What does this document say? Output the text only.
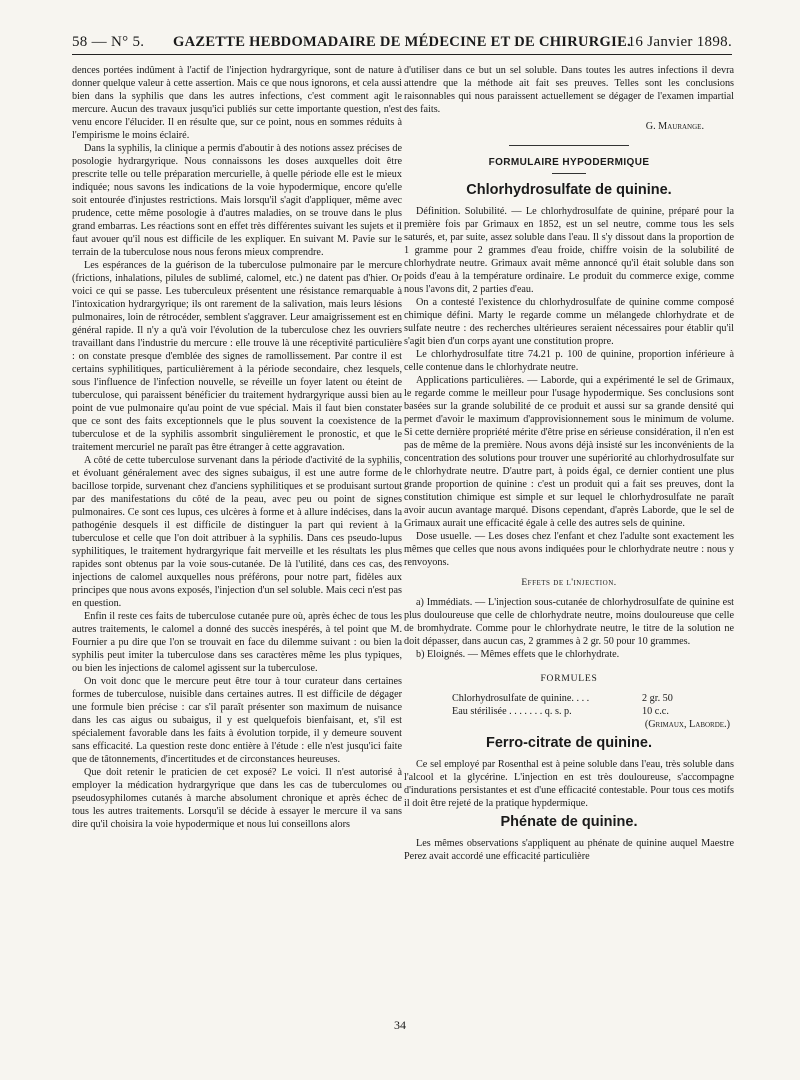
58 — N° 5.	GAZETTE HEBDOMADAIRE DE MÉDECINE ET DE CHIRURGIE.
16 Janvier 1898.

dences portées indûment à l'actif de l'injection hydrargyrique, sont de nature à donner quelque valeur à cette assertion. Mais ce que nous ignorons, et cela aussi bien dans la syphilis que dans les autres infections, c'est comment agit le mercure. Aucun des travaux jusqu'ici publiés sur cette importante question, n'est venu encore l'élucider. Il en résulte que, sur ce point, nous en sommes réduits à l'empirisme le moins éclairé.

Dans la syphilis, la clinique a permis d'aboutir à des notions assez précises de posologie hydrargyrique. Nous connaissons les doses auxquelles doit être prescrite telle ou telle préparation mercurielle, à quelle période elle est le mieux indiquée; nous savons les indications de la voie hypodermique, encore qu'elle soit entourée d'injustes restrictions. Mais lorsqu'il s'agit d'appliquer, même avec prudence, cette même posologie à d'autres maladies, on se trouve dans le plus grand embarras. Les réactions sont en effet très différentes suivant les sujets et il faut avouer qu'il nous est difficile de les expliquer. En suivant M. Pavie sur le terrain de la tuberculose nous nous ferons mieux comprendre.

Les espérances de la guérison de la tuberculose pulmonaire par le mercure (frictions, inhalations, pilules de sublimé, calomel, etc.) ne datent pas d'hier. Or voici ce qui se passe. Les tuberculeux présentent une résistance remarquable à l'intoxication hydrargyrique; ils ont rarement de la salivation, mais leurs lésions pulmonaires, loin de rétrocéder, semblent s'aggraver. Leur amaigrissement est en général rapide. Il n'y a qu'à voir l'évolution de la tuberculose chez les ouvriers travaillant dans l'industrie du mercure : elle trouve là une réceptivité particulière : on constate presque d'emblée des signes de ramollissement. Par contre il est certains syphilitiques, particulièrement à la période secondaire, chez lesquels, sous l'influence de l'infection nouvelle, se réveille un foyer latent ou éteint de tuberculose, qui paraissent bénéficier du traitement hydrargyrique aussi bien au point de vue pulmonaire qu'au point de vue spécial. Mais il faut bien constater que ce sont des faits exceptionnels que le plus souvent la coexistence de la tuberculose et de la syphilis assombrit singulièrement le pronostic, et que le traitement mercuriel ne paraît pas être étranger à cette aggravation.

A côté de cette tuberculose survenant dans la période d'activité de la syphilis, et évoluant généralement avec des signes subaigus, il est une autre forme de bacillose torpide, survenant chez d'anciens syphilitiques et se produisant surtout par des manifestations du côté de la peau, avec peu ou point de signes pulmonaires. Ce sont ces lupus, ces ulcères à forme et à allure indécises, dans la pathogénie desquels il est difficile de distinguer la part qui revient à la tuberculose et celle que l'on doit attribuer à la syphilis. Dans ces pseudo-lupus syphilitiques, le traitement hydrargyrique fait merveille et les résultats les plus rapides sont obtenus par la voie sous-cutanée. De là l'utilité, dans ces cas, des injections de calomel auxquelles nous préférons, pour notre part, fidèles aux principes que nous avons exposés, l'injection d'un sel soluble. Mais ceci n'est pas en question.

Enfin il reste ces faits de tuberculose cutanée pure où, après échec de tous les autres traitements, le calomel a donné des succès inespérés, à tel point que M. Fournier a pu dire que l'on se trouvait en face du dilemme suivant : ou bien la syphilis peut imiter la tuberculose dans ses caractères même les plus typiques, ou bien les injections de calomel agissent sur la tuberculose.

On voit donc que le mercure peut être tour à tour curateur dans certaines formes de tuberculose, nuisible dans certaines autres. Il est difficile de dégager une formule bien précise : car s'il paraît présenter son maximum de nuisance dans les cas aigus ou subaigus, il y est quelquefois bienfaisant, et, s'il est spécialement favorable dans les faits à évolution torpide, il y demeure souvent sans efficacité. La question reste donc entière à l'étude : elle n'est jusqu'ici faite que de tâtonnements, d'incertitudes et de circonstances heureuses.

Que doit retenir le praticien de cet exposé? Le voici. Il n'est autorisé à employer la médication hydrargyrique que dans les cas de tuberculomes ou pseudosyphilomes cutanés à marche absolument chronique et après échec de tous les autres traitements. Lorsqu'il se décide à essayer le mercure il va sans dire qu'il choisira la voie hypodermique et nous lui conseillons alors

d'utiliser dans ce but un sel soluble. Dans toutes les autres infections il devra attendre que la méthode ait fait ses preuves. Telles sont les conclusions raisonnables qui nous paraissent actuellement se dégager de l'examen impartial des faits.

G. Maurange.
FORMULAIRE HYPODERMIQUE
Chlorhydrosulfate de quinine.

Définition. Solubilité. — Le chlorhydrosulfate de quinine, préparé pour la première fois par Grimaux en 1852, est un sel neutre, comme tous les sels saturés, et, par suite, assez soluble dans l'eau. Il s'y dissout dans la proportion de 1 gramme pour 2 grammes d'eau froide, chiffre voisin de la solubilité de chlorhydrate neutre. Grimaux avait même annoncé qu'il était soluble dans son poids d'eau à la température ordinaire. Le produit du commerce exige, comme nous l'avons dit, 2 parties d'eau.

On a contesté l'existence du chlorhydrosulfate de quinine comme composé chimique défini. Marty le regarde comme un mélangede chlorhydrate et de sulfate neutre : des recherches ultérieures seraient nécessaires pour établir qu'il s'agit bien d'un corps ayant une constitution propre.

Le chlorhydrosulfate titre 74.21 p. 100 de quinine, proportion inférieure à celle contenue dans le chlorhydrate neutre.

Applications particulières. — Laborde, qui a expérimenté le sel de Grimaux, le regarde comme le meilleur pour l'usage hypodermique. Ses conclusions sont basées sur la grande solubilité de ce produit et aussi sur sa grande densité qui permet d'avoir le maximum d'approvisionnement sous le minimum de volume. Si cette dernière propriété mérite d'être prise en sérieuse considération, il n'en est pas de même de la première. Nous avons déjà insisté sur les inconvénients de la concentration des solutions pour trouver une supériorité au chlorhydrosulfate sur le chlorhydrate neutre. D'autre part, à poids égal, ce dernier contient une plus grande proportion de quinine : c'est un produit qui a fait ses preuves, dont la constitution chimique est simple et sur lequel le chlorhydrosulfate ne paraît avoir aucun avantage marqué. Disons cependant, d'après Laborde, que le sel de Grimaux aurait une efficacité égale à celle des autres sels de quinine.

Dose usuelle. — Les doses chez l'enfant et chez l'adulte sont exactement les mêmes que celles que nous avons indiquées pour le chlorhydrate neutre : nous y renvoyons.

Effets de l'injection.

a) Immédiats. — L'injection sous-cutanée de chlorhydrosulfate de quinine est plus douloureuse que celle de chlorhydrate neutre, moins douloureuse que celle de bromhydrate. Comme pour le chlorhydrate neutre, le titre de la solution ne doit dépasser, dans aucun cas, 2 grammes à 2 gr. 50 pour 10 grammes.

b) Eloignés. — Mêmes effets que le chlorhydrate.

FORMULES
Chlorhydrosulfate de quinine. . . .	2 gr. 50
Eau stérilisée . . . . . . . q. s. p.	10 c.c.
(Grimaux, Laborde.)
Ferro-citrate de quinine.

Ce sel employé par Rosenthal est à peine soluble dans l'eau, très soluble dans l'alcool et la glycérine. L'injection en est très douloureuse, s'accompagne d'indurations persistantes et est d'une efficacité contestable. Pour tous ces motifs il doit être rejeté de la pratique hypdermique.

Phénate de quinine.

Les mêmes observations s'appliquent au phénate de quinine auquel Maestre Perez avait accordé une efficacité particulière

34
